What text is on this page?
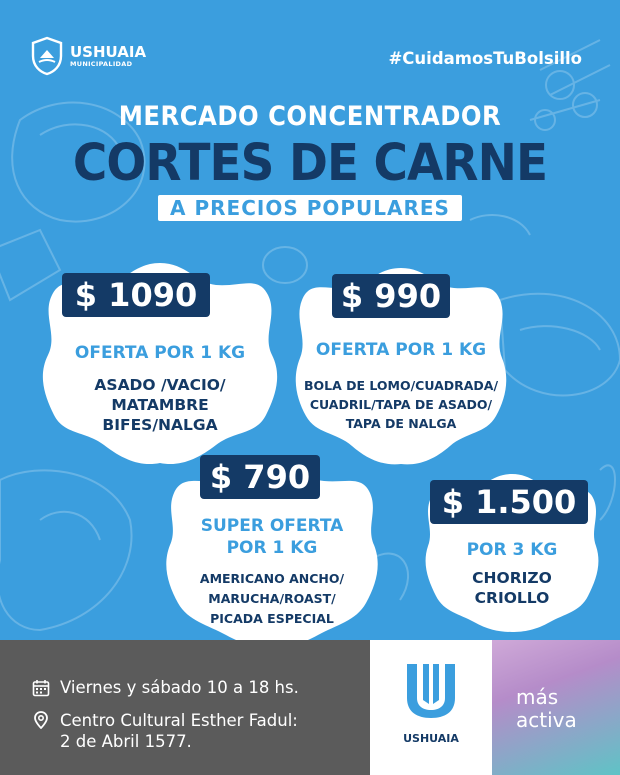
USHUAIA
MUNICIPALIDAD	#CuidamosTuBolsillo
MERCADO CONCENTRADOR
CORTES DE CARNE
A PRECIOS POPULARES
$ 1090
OFERTA POR 1 KG
ASADO /VACIO/
MATAMBRE
BIFES/NALGA
$ 990
OFERTA POR 1 KG
BOLA DE LOMO/CUADRADA/
CUADRIL/TAPA DE ASADO/
TAPA DE NALGA
$ 790
SUPER OFERTA
POR 1 KG
AMERICANO ANCHO/
MARUCHA/ROAST/
PICADA ESPECIAL
$ 1.500
POR 3 KG
CHORIZO
CRIOLLO
Viernes y sábado 10 a 18 hs.
Centro Cultural Esther Fadul:
2 de Abril 1577.	USHUAIA
más
activa
